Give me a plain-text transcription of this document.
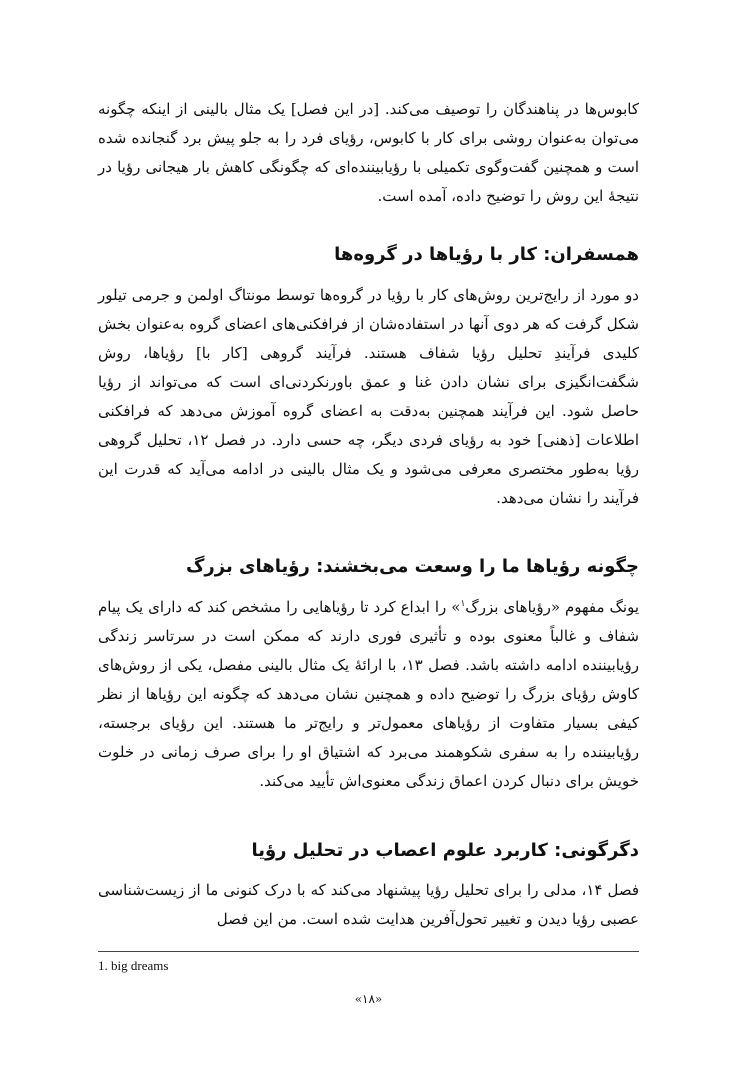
کابوس‌ها در پناهندگان را توصیف می‌کند. [در این فصل] یک مثال بالینی از اینکه چگونه می‌توان به‌عنوان روشی برای کار با کابوس، رؤیای فرد را به جلو پیش برد گنجانده شده است و همچنین گفت‌وگوی تکمیلی با رؤیابیننده‌ای که چگونگی کاهش بار هیجانی رؤیا در نتیجهٔ این روش را توضیح داده، آمده است.

همسفران: کار با رؤیاها در گروه‌ها

دو مورد از رایج‌ترین روش‌های کار با رؤیا در گروه‌ها توسط مونتاگ اولمن و جرمی تیلور شکل گرفت که هر دوی آنها در استفاده‌شان از فرافکنی‌های اعضای گروه به‌عنوان بخش کلیدی فرآیندِ تحلیل رؤیا شفاف هستند. فرآیند گروهی [کار با] رؤیاها، روش شگفت‌انگیزی برای نشان دادن غنا و عمق باورنکردنی‌ای است که می‌تواند از رؤیا حاصل شود. این فرآیند همچنین به‌دقت به اعضای گروه آموزش می‌دهد که فرافکنی اطلاعات [ذهنی] خود به رؤیای فردی دیگر، چه حسی دارد. در فصل ۱۲، تحلیل گروهی رؤیا به‌طور مختصری معرفی می‌شود و یک مثال بالینی در ادامه می‌آید که قدرت این فرآیند را نشان می‌دهد.

چگونه رؤیاها ما را وسعت می‌بخشند: رؤیاهای بزرگ

یونگ مفهوم «رؤیاهای بزرگ$^۱$» را ابداع کرد تا رؤیاهایی را مشخص کند که دارای یک پیام شفاف و غالباً معنوی بوده و تأثیری فوری دارند که ممکن است در سرتاسر زندگی رؤیابیننده ادامه داشته باشد. فصل ۱۳، با ارائهٔ یک مثال بالینی مفصل، یکی از روش‌های کاوش رؤیای بزرگ را توضیح داده و همچنین نشان می‌دهد که چگونه این رؤیاها از نظر کیفی بسیار متفاوت از رؤیاهای معمول‌تر و رایج‌تر ما هستند. این رؤیای برجسته، رؤیابیننده را به سفری شکوهمند می‌برد که اشتیاق او را برای صرف زمانی در خلوت خویش برای دنبال کردن اعماق زندگی معنوی‌اش تأیید می‌کند.

دگرگونی: کاربرد علوم اعصاب در تحلیل رؤیا

فصل ۱۴، مدلی را برای تحلیل رؤیا پیشنهاد می‌کند که با درک کنونی ما از زیست‌شناسی عصبی رؤیا دیدن و تغییر تحول‌آفرین هدایت شده است. من این فصل

1. big dreams

«۱۸»
